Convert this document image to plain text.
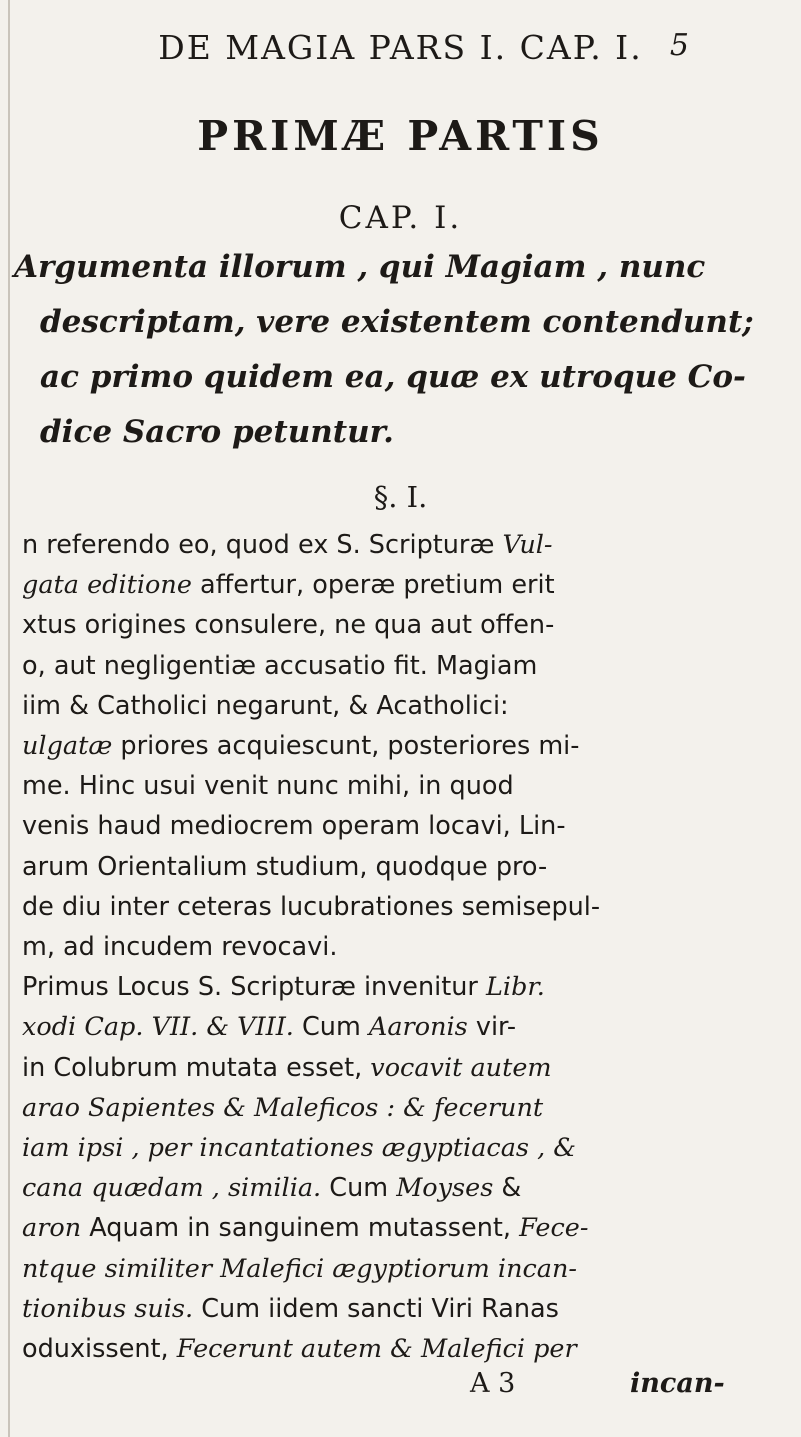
DE MAGIA PARS I. CAP. I. 5
PRIMÆ PARTIS
CAP. I.
Argumenta illorum , qui Magiam , nunc
descriptam, vere existentem contendunt;
ac primo quidem ea, quæ ex utroque Co-
dice Sacro petuntur.
§. I.
n referendo eo, quod ex S. Scripturæ Vul-
gata editione affertur, operæ pretium erit
xtus origines consulere, ne qua aut offen-
o, aut negligentiæ accusatio fit. Magiam
iim & Catholici negarunt, & Acatholici:
ulgatæ priores acquiescunt, posteriores mi-
me. Hinc usui venit nunc mihi, in quod
venis haud mediocrem operam locavi, Lin-
arum Orientalium studium, quodque pro-
de diu inter ceteras lucubrationes semisepul-
m, ad incudem revocavi.
Primus Locus S. Scripturæ invenitur Libr.
xodi Cap. VII. & VIII. Cum Aaronis vir-
in Colubrum mutata esset, vocavit autem
arao Sapientes & Maleficos : & fecerunt
iam ipsi , per incantationes ægyptiacas , &
cana quædam , similia. Cum Moyses &
aron Aquam in sanguinem mutassent, Fece-
ntque similiter Malefici ægyptiorum incan-
tionibus suis. Cum iidem sancti Viri Ranas
oduxissent, Fecerunt autem & Malefici per
A 3	incan-
